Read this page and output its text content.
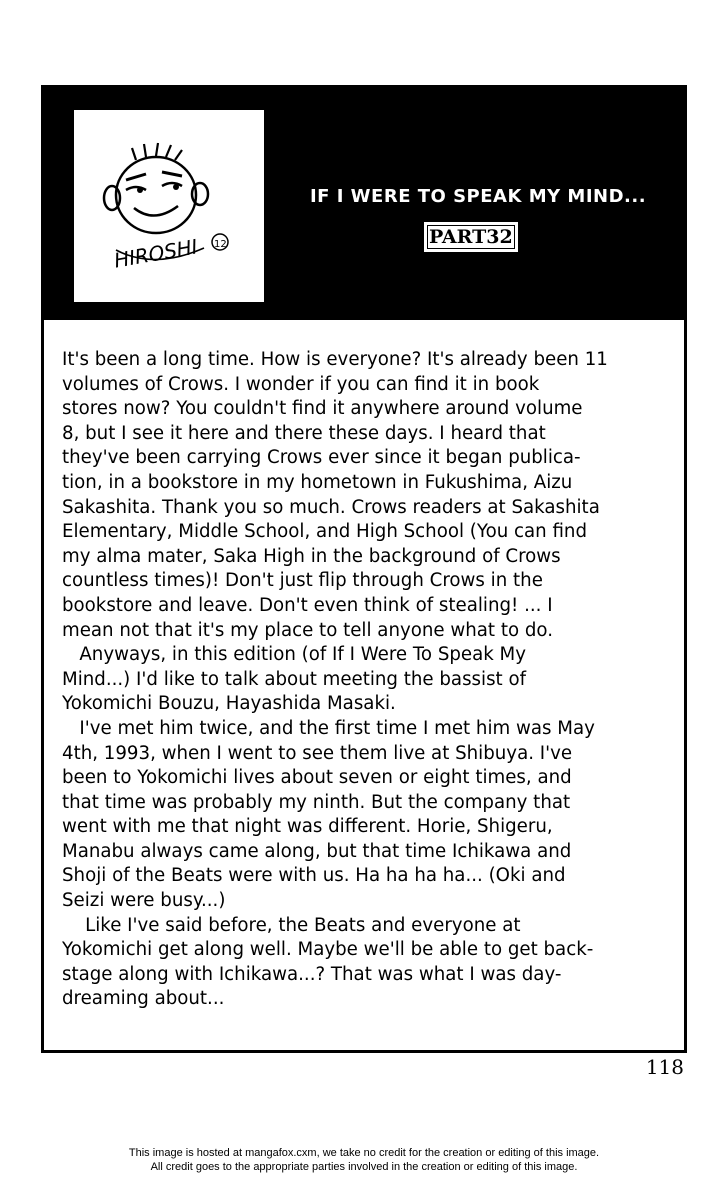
HIROSHI 12
IF I WERE TO SPEAK MY MIND...
PART32
It's been a long time. How is everyone? It's already been 11
volumes of Crows. I wonder if you can find it in book
stores now? You couldn't find it anywhere around volume
8, but I see it here and there these days. I heard that
they've been carrying Crows ever since it began publica-
tion, in a bookstore in my hometown in Fukushima, Aizu
Sakashita. Thank you so much. Crows readers at Sakashita
Elementary, Middle School, and High School (You can find
my alma mater, Saka High in the background of Crows
countless times)! Don't just flip through Crows in the
bookstore and leave. Don't even think of stealing! ... I
mean not that it's my place to tell anyone what to do.
Anyways, in this edition (of If I Were To Speak My
Mind...) I'd like to talk about meeting the bassist of
Yokomichi Bouzu, Hayashida Masaki.
I've met him twice, and the first time I met him was May
4th, 1993, when I went to see them live at Shibuya. I've
been to Yokomichi lives about seven or eight times, and
that time was probably my ninth. But the company that
went with me that night was different. Horie, Shigeru,
Manabu always came along, but that time Ichikawa and
Shoji of the Beats were with us. Ha ha ha ha... (Oki and
Seizi were busy...)
Like I've said before, the Beats and everyone at
Yokomichi get along well. Maybe we'll be able to get back-
stage along with Ichikawa...? That was what I was day-
dreaming about...
118
This image is hosted at mangafox.cxm, we take no credit for the creation or editing of this image.
All credit goes to the appropriate parties involved in the creation or editing of this image.
